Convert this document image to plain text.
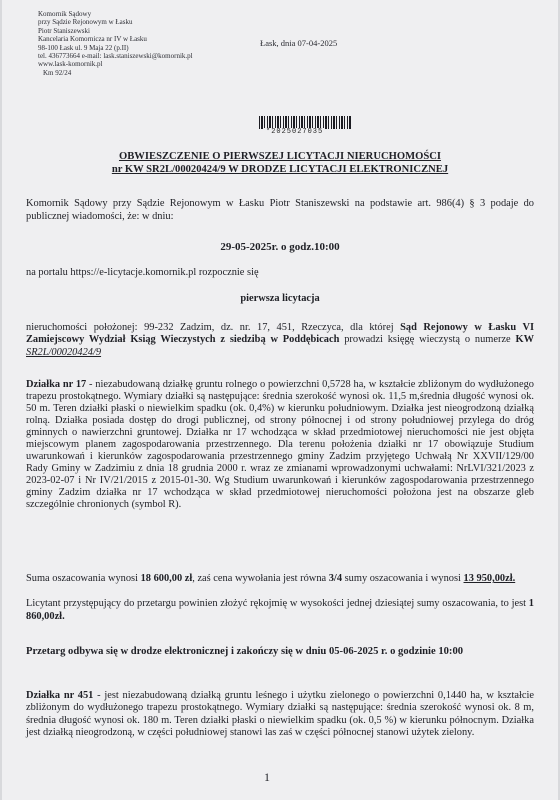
Komornik Sądowy
przy Sądzie Rejonowym w Łasku
Piotr Staniszewski
Kancelaria Komornicza nr IV w Łasku
98-100 Łask ul. 9 Maja 22 (p.II)
tel. 436773664 e-mail: lask.staniszewski@komornik.pl
www.lask-komornik.pl
Km 92/24
Łask, dnia 07-04-2025
*2025027035
OBWIESZCZENIE O PIERWSZEJ LICYTACJI NIERUCHOMOŚCI
nr KW SR2L/00020424/9 W DRODZE LICYTACJI ELEKTRONICZNEJ
Komornik Sądowy przy Sądzie Rejonowym w Łasku Piotr Staniszewski na podstawie art. 986(4) § 3 podaje do publicznej wiadomości, że: w dniu:
29-05-2025r. o godz.10:00
na portalu https://e-licytacje.komornik.pl rozpocznie się
pierwsza licytacja
nieruchomości położonej: 99-232 Zadzim, dz. nr. 17, 451, Rzeczyca, dla której Sąd Rejonowy w Łasku VI Zamiejscowy Wydział Ksiąg Wieczystych z siedzibą w Poddębicach prowadzi księgę wieczystą o numerze KW SR2L/00020424/9
Działka nr 17 - niezabudowaną działkę gruntu rolnego o powierzchni 0,5728 ha, w kształcie zbliżonym do wydłużonego trapezu prostokątnego. Wymiary działki są następujące: średnia szerokość wynosi ok. 11,5 m,średnia długość wynosi ok. 50 m. Teren działki płaski o niewielkim spadku (ok. 0,4%) w kierunku południowym. Działka jest nieogrodzoną działką rolną. Działka posiada dostęp do drogi publicznej, od strony północnej i od strony południowej przylega do dróg gminnych o nawierzchni gruntowej. Działka nr 17 wchodząca w skład przedmiotowej nieruchomości nie jest objęta miejscowym planem zagospodarowania przestrzennego. Dla terenu położenia działki nr 17 obowiązuje Studium uwarunkowań i kierunków zagospodarowania przestrzennego gminy Zadzim przyjętego Uchwałą Nr XXVII/129/00 Rady Gminy w Zadzimiu z dnia 18 grudnia 2000 r. wraz ze zmianami wprowadzonymi uchwałami: NrLVI/321/2023 z 2023-02-07 i Nr IV/21/2015 z 2015-01-30. Wg Studium uwarunkowań i kierunków zagospodarowania przestrzennego gminy Zadzim działka nr 17 wchodząca w skład przedmiotowej nieruchomości położona jest na obszarze gleb szczególnie chronionych (symbol R).
Suma oszacowania wynosi 18 600,00 zł, zaś cena wywołania jest równa 3/4 sumy oszacowania i wynosi 13 950,00zł.
Licytant przystępujący do przetargu powinien złożyć rękojmię w wysokości jednej dziesiątej sumy oszacowania, to jest 1 860,00zł.
Przetarg odbywa się w drodze elektronicznej i zakończy się w dniu 05-06-2025 r. o godzinie 10:00
Działka nr 451 - jest niezabudowaną działką gruntu leśnego i użytku zielonego o powierzchni 0,1440 ha, w kształcie zbliżonym do wydłużonego trapezu prostokątnego. Wymiary działki są następujące: średnia szerokość wynosi ok. 8 m, średnia długość wynosi ok. 180 m. Teren działki płaski o niewielkim spadku (ok. 0,5 %) w kierunku północnym. Działka jest działką nieogrodzoną, w części południowej stanowi las zaś w części północnej stanowi użytek zielony.
1
